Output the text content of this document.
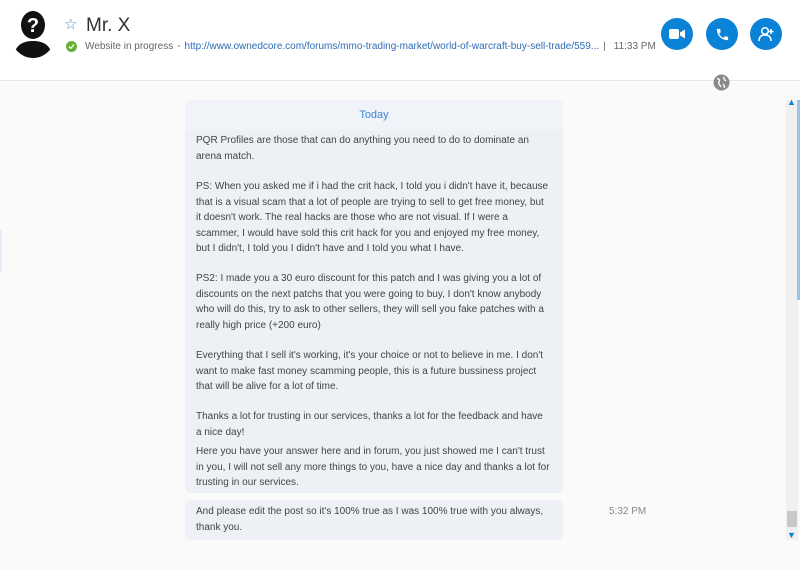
? ☆ Mr. X
Website in progress - http://www.ownedcore.com/forums/mmo-trading-market/world-of-warcraft-buy-sell-trade/559... | 11:33 PM
▲
▼
Today
PQR Profiles are those that can do anything you need to do to dominate an arena match.
PS: When you asked me if i had the crit hack, I told you i didn't have it, because that is a visual scam that a lot of people are trying to sell to get free money, but it doesn't work. The real hacks are those who are not visual. If I were a scammer, I would have sold this crit hack for you and enjoyed my free money, but I didn't, I told you I didn't have and I told you what I have.
PS2: I made you a 30 euro discount for this patch and I was giving you a lot of discounts on the next patchs that you were going to buy, I don't know anybody who will do this, try to ask to other sellers, they will sell you fake patches with a really high price (+200 euro)
Everything that I sell it's working, it's your choice or not to believe in me. I don't want to make fast money scamming people, this is a future bussiness project that will be alive for a lot of time.
Thanks a lot for trusting in our services, thanks a lot for the feedback and have a nice day!
Here you have your answer here and in forum, you just showed me I can't trust in you, I will not sell any more things to you, have a nice day and thanks a lot for trusting in our services.
And please edit the post so it's 100% true as I was 100% true with you always, thank you.
5:32 PM
